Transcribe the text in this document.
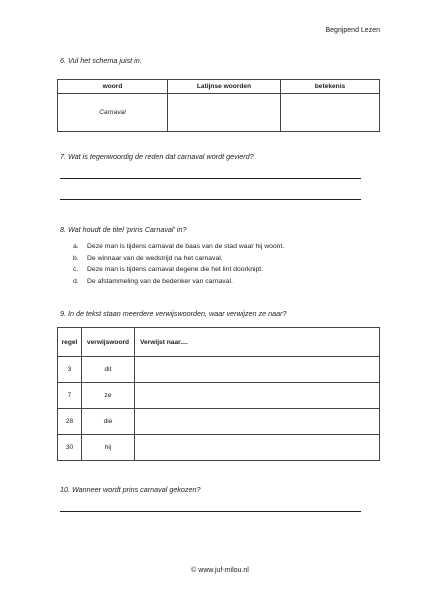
Begrijpend Lezen
6. Vul het schema juist in.
woord	Latijnse woorden	betekenis
Carnaval		
7. Wat is tegenwoordig de reden dat carnaval wordt gevierd?
8. Wat houdt de titel 'prins Carnaval' in?
a.	Deze man is tijdens carnaval de baas van de stad waar hij woont.
b.	De winnaar van de wedstrijd na het carnaval.
c.	Deze man is tijdens carnaval degene die het lint doorknipt.
d.	De afstammeling van de bedenker van carnaval.
9. In de tekst staan meerdere verwijswoorden, waar verwijzen ze naar?
regel	verwijswoord	Verwijst naar....
3	dit	
7	ze	
28	die	
30	hij	
10. Wanneer wordt prins carnaval gekozen?
© www.juf-milou.nl
